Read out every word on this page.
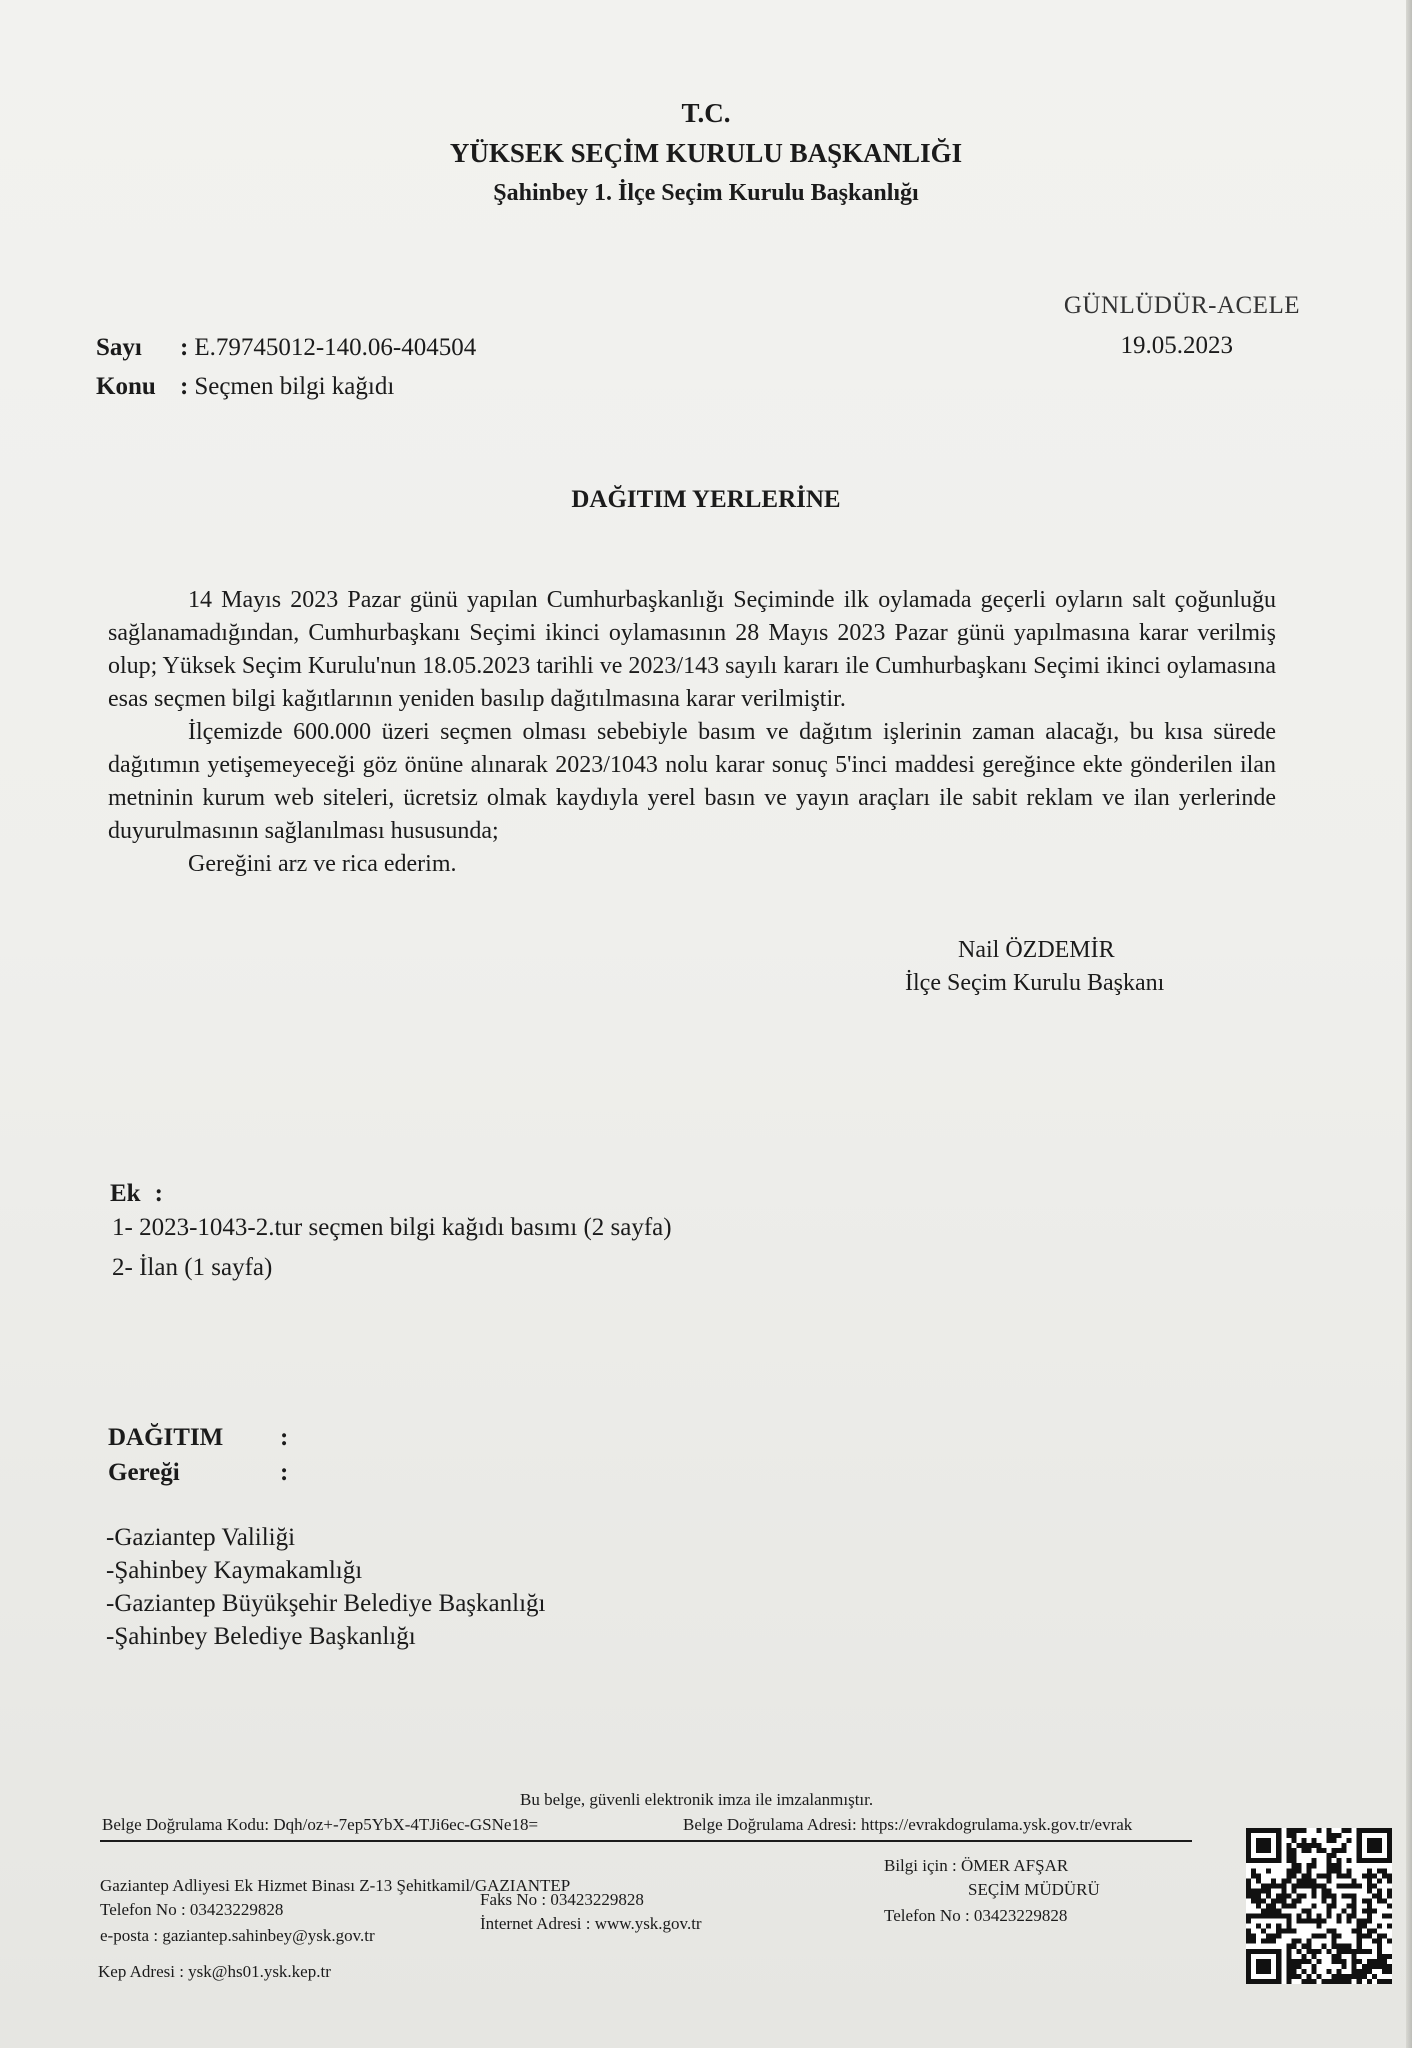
T.C.
YÜKSEK SEÇİM KURULU BAŞKANLIĞI
Şahinbey 1. İlçe Seçim Kurulu Başkanlığı
GÜNLÜDÜR-ACELE
19.05.2023
Sayı : E.79745012-140.06-404504
Konu : Seçmen bilgi kağıdı
DAĞITIM YERLERİNE

14 Mayıs 2023 Pazar günü yapılan Cumhurbaşkanlığı Seçiminde ilk oylamada geçerli oyların salt çoğunluğu sağlanamadığından, Cumhurbaşkanı Seçimi ikinci oylamasının 28 Mayıs 2023 Pazar günü yapılmasına karar verilmiş olup; Yüksek Seçim Kurulu'nun 18.05.2023 tarihli ve 2023/143 sayılı kararı ile Cumhurbaşkanı Seçimi ikinci oylamasına esas seçmen bilgi kağıtlarının yeniden basılıp dağıtılmasına karar verilmiştir.

İlçemizde 600.000 üzeri seçmen olması sebebiyle basım ve dağıtım işlerinin zaman alacağı, bu kısa sürede dağıtımın yetişemeyeceği göz önüne alınarak 2023/1043 nolu karar sonuç 5'inci maddesi gereğince ekte gönderilen ilan metninin kurum web siteleri, ücretsiz olmak kaydıyla yerel basın ve yayın araçları ile sabit reklam ve ilan yerlerinde duyurulmasının sağlanılması hususunda;

Gereğini arz ve rica ederim.

Nail ÖZDEMİR
İlçe Seçim Kurulu Başkanı
Ek :
1- 2023-1043-2.tur seçmen bilgi kağıdı basımı (2 sayfa)
2- İlan (1 sayfa)
DAĞITIM :
Gereği	:
-Gaziantep Valiliği
-Şahinbey Kaymakamlığı
-Gaziantep Büyükşehir Belediye Başkanlığı
-Şahinbey Belediye Başkanlığı
Bu belge, güvenli elektronik imza ile imzalanmıştır.
Belge Doğrulama Kodu: Dqh/oz+-7ep5YbX-4TJi6ec-GSNe18=	Belge Doğrulama Adresi: https://evrakdogrulama.ysk.gov.tr/evrak
Gaziantep Adliyesi Ek Hizmet Binası Z-13 Şehitkamil/GAZIANTEP
Telefon No : 03423229828
e-posta : gaziantep.sahinbey@ysk.gov.tr
Faks No : 03423229828
İnternet Adresi : www.ysk.gov.tr
Bilgi için : ÖMER AFŞAR
SEÇİM MÜDÜRÜ
Telefon No : 03423229828
Kep Adresi : ysk@hs01.ysk.kep.tr
